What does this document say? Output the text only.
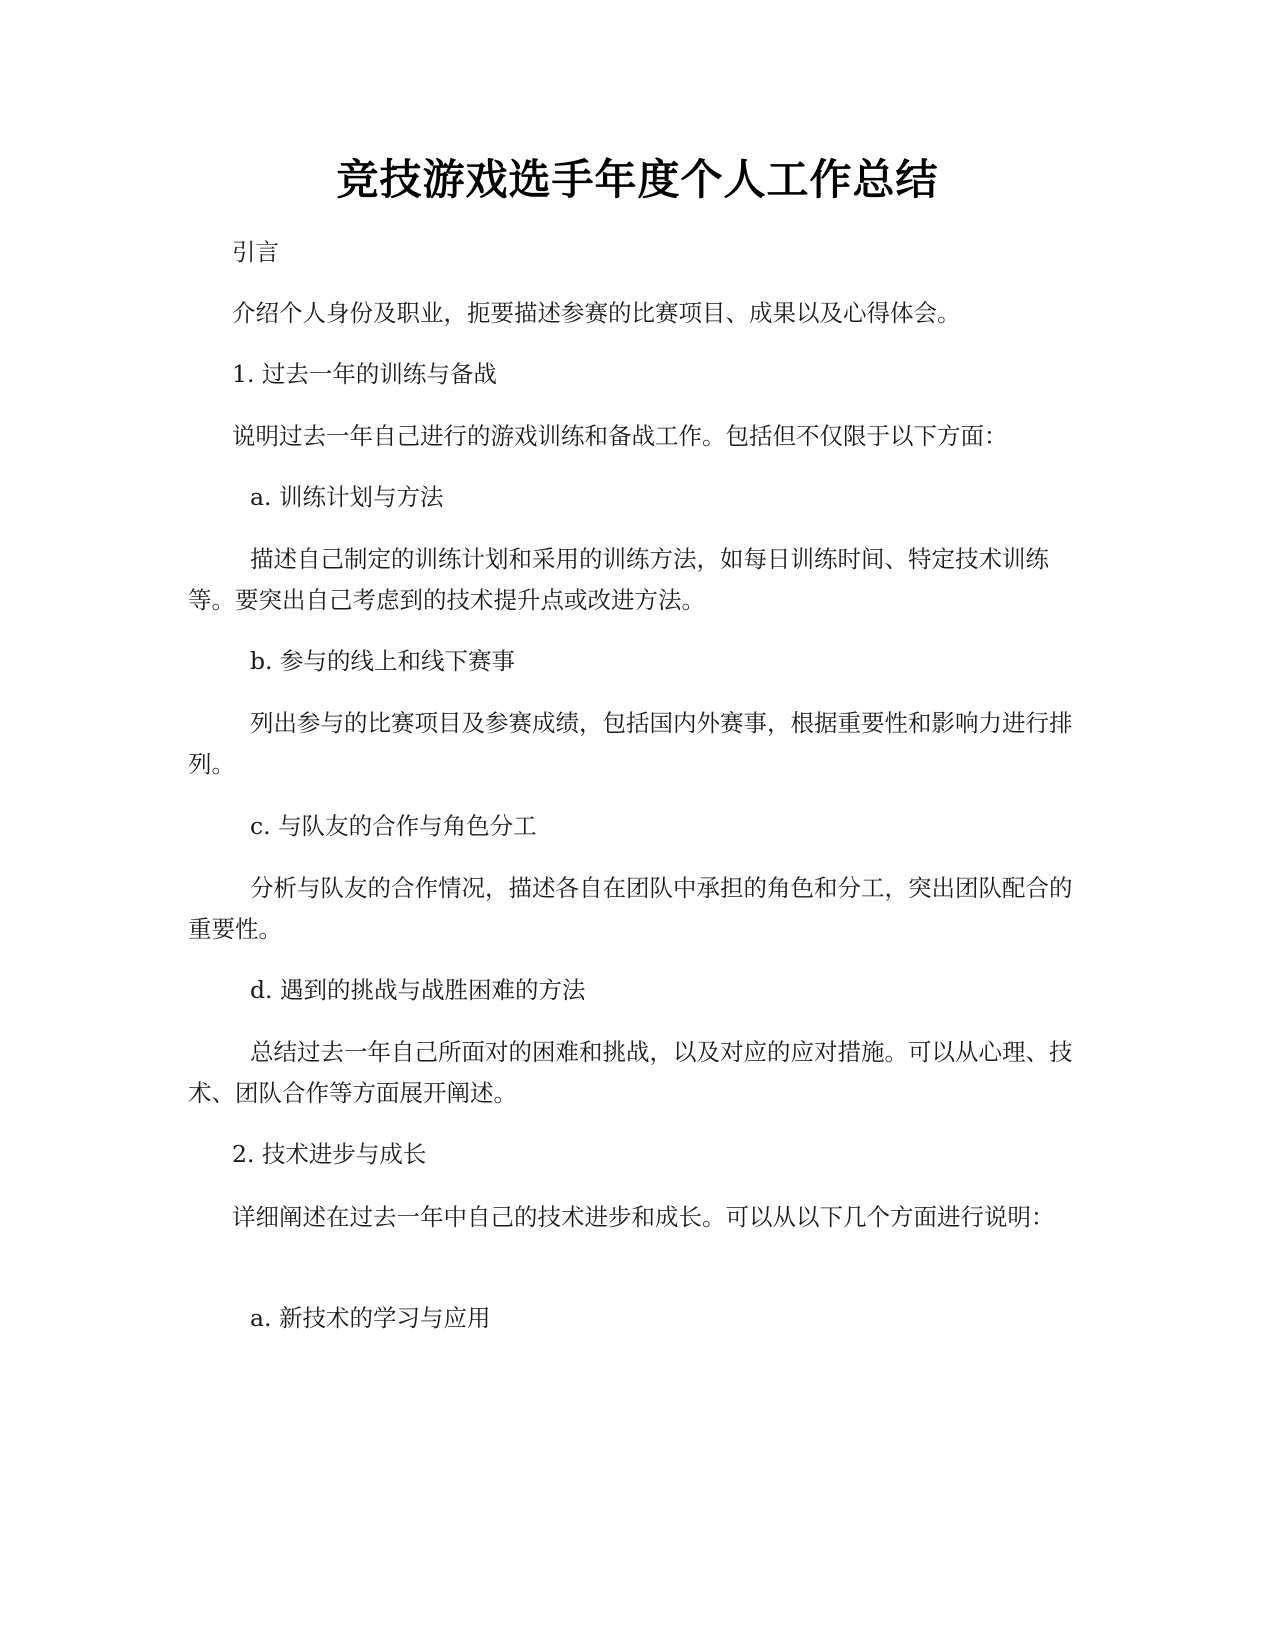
竞技游戏选手年度个人工作总结

引言

介绍个人身份及职业，扼要描述参赛的比赛项目、成果以及心得体会。

1. 过去一年的训练与备战

说明过去一年自己进行的游戏训练和备战工作。包括但不仅限于以下方面：

a. 训练计划与方法

描述自己制定的训练计划和采用的训练方法，如每日训练时间、特定技术训练等。要突出自己考虑到的技术提升点或改进方法。

b. 参与的线上和线下赛事

列出参与的比赛项目及参赛成绩，包括国内外赛事，根据重要性和影响力进行排列。

c. 与队友的合作与角色分工

分析与队友的合作情况，描述各自在团队中承担的角色和分工，突出团队配合的重要性。

d. 遇到的挑战与战胜困难的方法

总结过去一年自己所面对的困难和挑战，以及对应的应对措施。可以从心理、技术、团队合作等方面展开阐述。

2. 技术进步与成长

详细阐述在过去一年中自己的技术进步和成长。可以从以下几个方面进行说明：

a. 新技术的学习与应用
